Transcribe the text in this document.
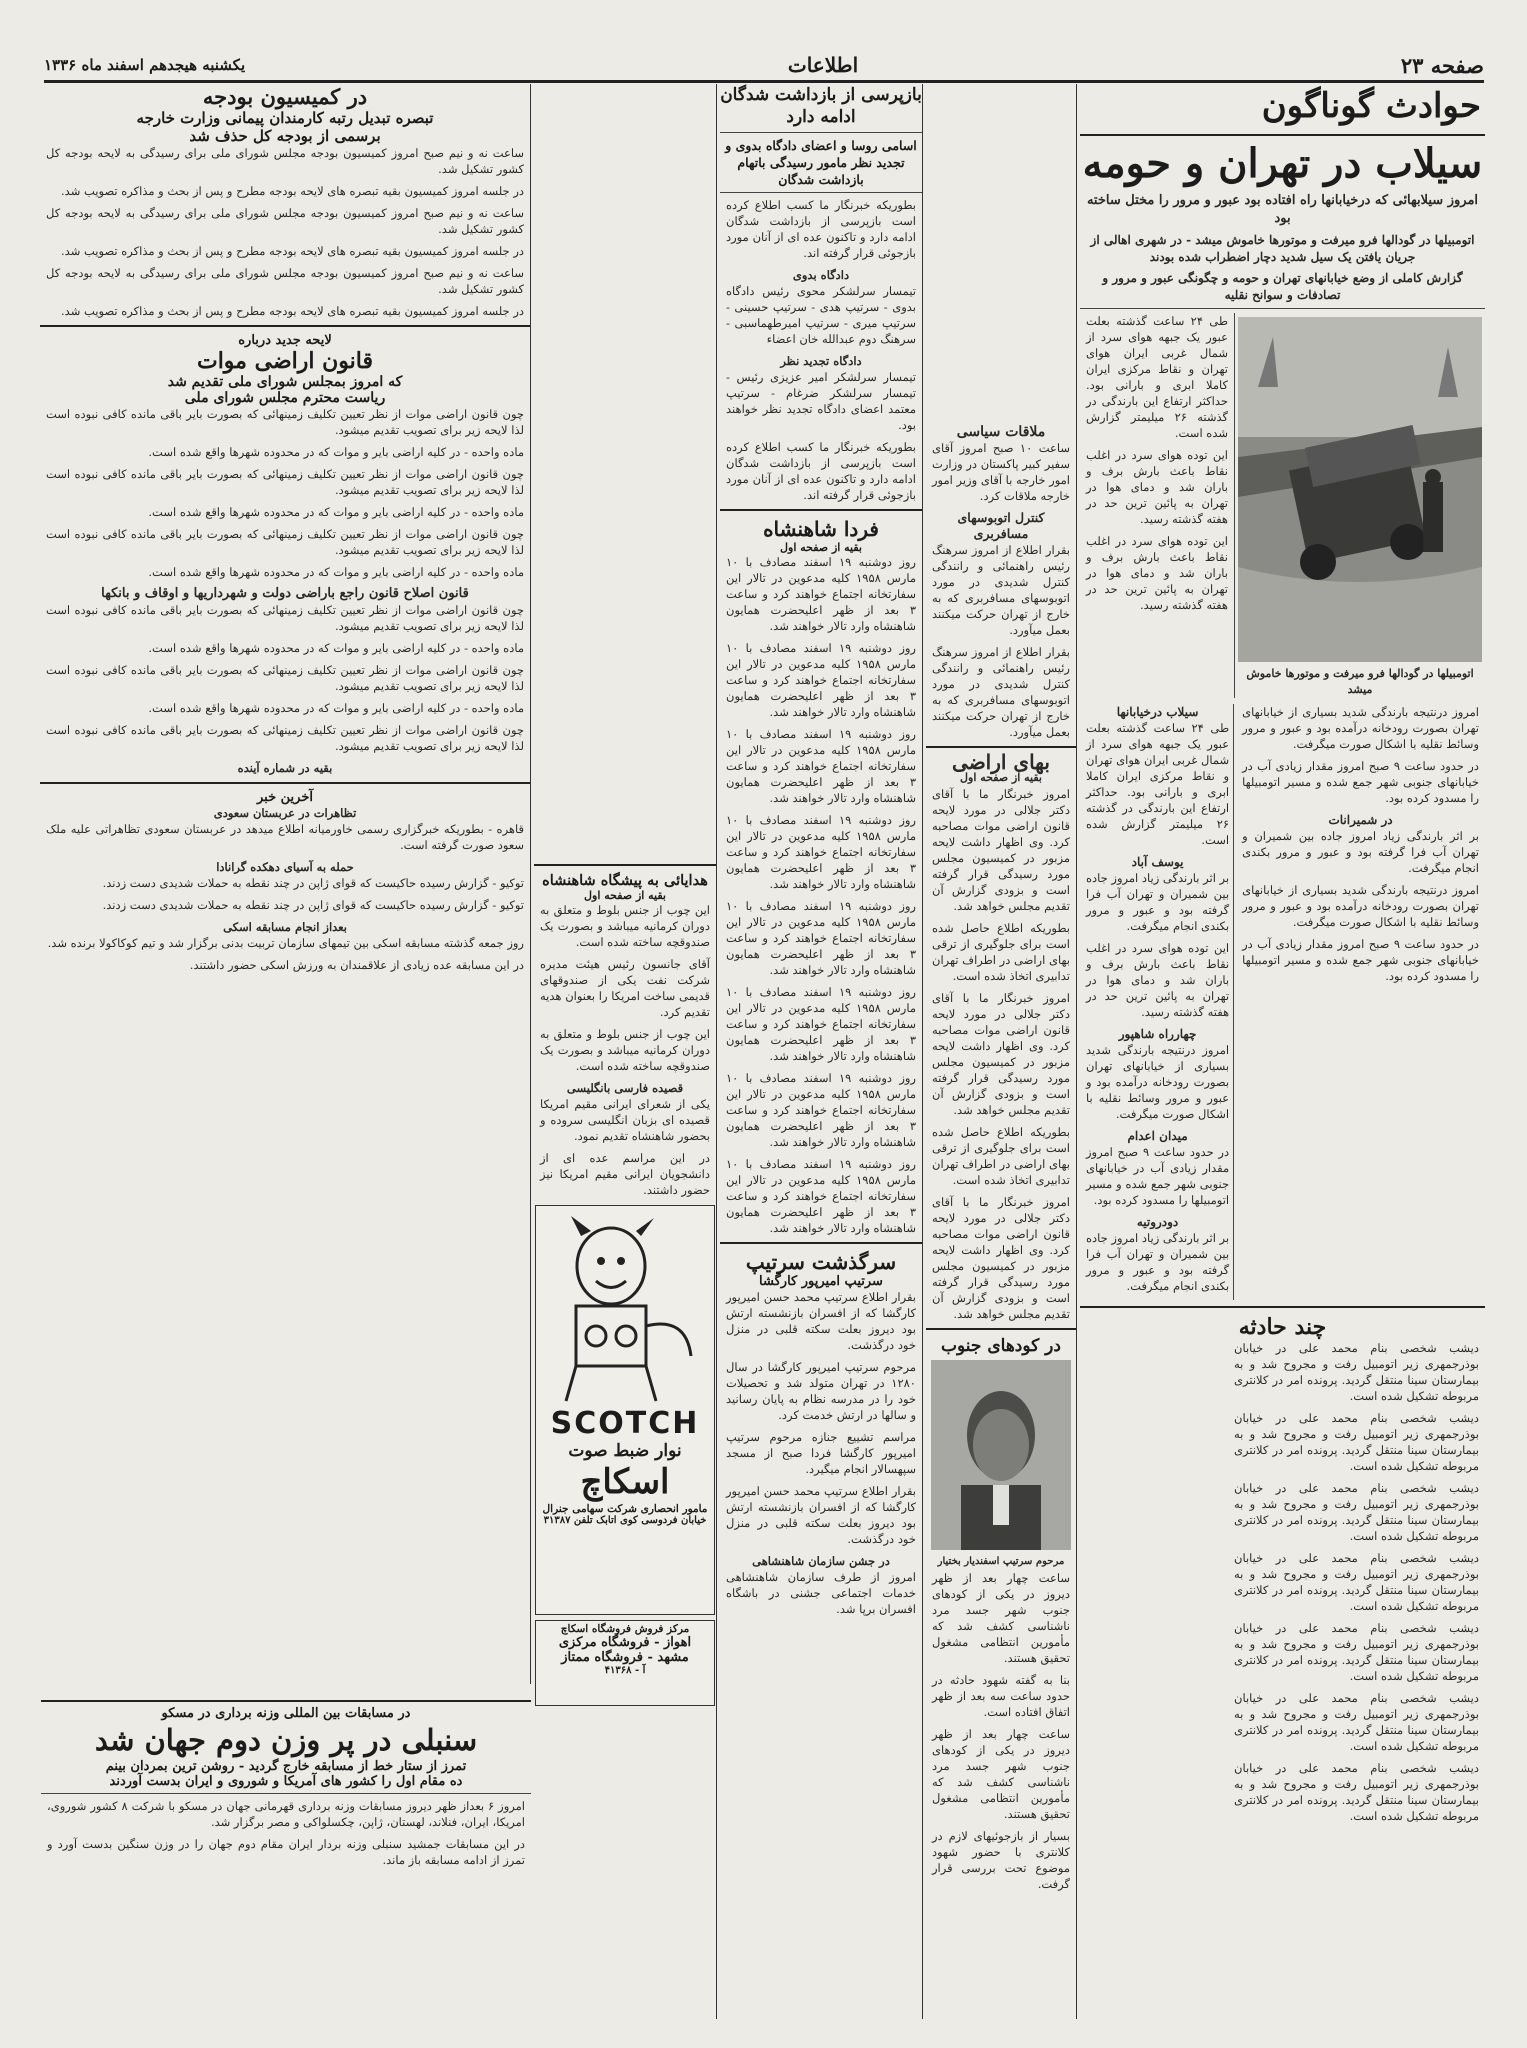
صفحه ۲۳
اطلاعات
یکشنبه هیجدهم اسفند ماه ۱۳۳۶
حوادث گوناگون
سیلاب در تهران و حومه
امروز سیلابهائی که درخیابانها راه افتاده بود عبور و مرور را مختل ساخته بود
اتومبیلها در گودالها فرو میرفت و موتورها خاموش میشد - در شهری اهالی از جریان یافتن یک سیل شدید دچار اضطراب شده بودند
گزارش کاملی از وضع خیابانهای تهران و حومه و چگونگی عبور و مرور و تصادفات و سوانح نقلیه
اتومبیلها در گودالها فرو میرفت و موتورها خاموش میشد

طی ۲۴ ساعت گذشته بعلت عبور یک جبهه هوای سرد از شمال غربی ایران هوای تهران و نقاط مرکزی ایران کاملا ابری و بارانی بود. حداکثر ارتفاع این بارندگی در گذشته ۲۶ میلیمتر گزارش شده است.

این توده هوای سرد در اغلب نقاط باعث بارش برف و باران شد و دمای هوا در تهران به پائین ترین حد در هفته گذشته رسید.

این توده هوای سرد در اغلب نقاط باعث بارش برف و باران شد و دمای هوا در تهران به پائین ترین حد در هفته گذشته رسید.

امروز درنتیجه بارندگی شدید بسیاری از خیابانهای تهران بصورت رودخانه درآمده بود و عبور و مرور وسائط نقلیه با اشکال صورت میگرفت.

در حدود ساعت ۹ صبح امروز مقدار زیادی آب در خیابانهای جنوبی شهر جمع شده و مسیر اتومبیلها را مسدود کرده بود.

در شمیرانات

بر اثر بارندگی زیاد امروز جاده بین شمیران و تهران آب فرا گرفته بود و عبور و مرور بکندی انجام میگرفت.

امروز درنتیجه بارندگی شدید بسیاری از خیابانهای تهران بصورت رودخانه درآمده بود و عبور و مرور وسائط نقلیه با اشکال صورت میگرفت.

در حدود ساعت ۹ صبح امروز مقدار زیادی آب در خیابانهای جنوبی شهر جمع شده و مسیر اتومبیلها را مسدود کرده بود.

سیلاب درخیابانها

طی ۲۴ ساعت گذشته بعلت عبور یک جبهه هوای سرد از شمال غربی ایران هوای تهران و نقاط مرکزی ایران کاملا ابری و بارانی بود. حداکثر ارتفاع این بارندگی در گذشته ۲۶ میلیمتر گزارش شده است.

یوسف آباد

بر اثر بارندگی زیاد امروز جاده بین شمیران و تهران آب فرا گرفته بود و عبور و مرور بکندی انجام میگرفت.

این توده هوای سرد در اغلب نقاط باعث بارش برف و باران شد و دمای هوا در تهران به پائین ترین حد در هفته گذشته رسید.

چهارراه شاهپور

امروز درنتیجه بارندگی شدید بسیاری از خیابانهای تهران بصورت رودخانه درآمده بود و عبور و مرور وسائط نقلیه با اشکال صورت میگرفت.

میدان اعدام

در حدود ساعت ۹ صبح امروز مقدار زیادی آب در خیابانهای جنوبی شهر جمع شده و مسیر اتومبیلها را مسدود کرده بود.

دودروتیه

بر اثر بارندگی زیاد امروز جاده بین شمیران و تهران آب فرا گرفته بود و عبور و مرور بکندی انجام میگرفت.

چند حادثه

دیشب شخصی بنام محمد علی در خیابان بوذرجمهری زیر اتومبیل رفت و مجروح شد و به بیمارستان سینا منتقل گردید. پرونده امر در کلانتری مربوطه تشکیل شده است.

دیشب شخصی بنام محمد علی در خیابان بوذرجمهری زیر اتومبیل رفت و مجروح شد و به بیمارستان سینا منتقل گردید. پرونده امر در کلانتری مربوطه تشکیل شده است.

دیشب شخصی بنام محمد علی در خیابان بوذرجمهری زیر اتومبیل رفت و مجروح شد و به بیمارستان سینا منتقل گردید. پرونده امر در کلانتری مربوطه تشکیل شده است.

دیشب شخصی بنام محمد علی در خیابان بوذرجمهری زیر اتومبیل رفت و مجروح شد و به بیمارستان سینا منتقل گردید. پرونده امر در کلانتری مربوطه تشکیل شده است.

دیشب شخصی بنام محمد علی در خیابان بوذرجمهری زیر اتومبیل رفت و مجروح شد و به بیمارستان سینا منتقل گردید. پرونده امر در کلانتری مربوطه تشکیل شده است.

دیشب شخصی بنام محمد علی در خیابان بوذرجمهری زیر اتومبیل رفت و مجروح شد و به بیمارستان سینا منتقل گردید. پرونده امر در کلانتری مربوطه تشکیل شده است.

دیشب شخصی بنام محمد علی در خیابان بوذرجمهری زیر اتومبیل رفت و مجروح شد و به بیمارستان سینا منتقل گردید. پرونده امر در کلانتری مربوطه تشکیل شده است.

ملاقات سیاسی

ساعت ۱۰ صبح امروز آقای سفیر کبیر پاکستان در وزارت امور خارجه با آقای وزیر امور خارجه ملاقات کرد.

کنترل اتوبوسهای مسافربری

بقرار اطلاع از امروز سرهنگ رئیس راهنمائی و رانندگی کنترل شدیدی در مورد اتوبوسهای مسافربری که به خارج از تهران حرکت میکنند بعمل میآورد.

بقرار اطلاع از امروز سرهنگ رئیس راهنمائی و رانندگی کنترل شدیدی در مورد اتوبوسهای مسافربری که به خارج از تهران حرکت میکنند بعمل میآورد.

بهای اراضی
بقیه از صفحه اول

امروز خبرنگار ما با آقای دکتر جلالی در مورد لایحه قانون اراضی موات مصاحبه کرد. وی اظهار داشت لایحه مزبور در کمیسیون مجلس مورد رسیدگی قرار گرفته است و بزودی گزارش آن تقدیم مجلس خواهد شد.

بطوریکه اطلاع حاصل شده است برای جلوگیری از ترقی بهای اراضی در اطراف تهران تدابیری اتخاذ شده است.

امروز خبرنگار ما با آقای دکتر جلالی در مورد لایحه قانون اراضی موات مصاحبه کرد. وی اظهار داشت لایحه مزبور در کمیسیون مجلس مورد رسیدگی قرار گرفته است و بزودی گزارش آن تقدیم مجلس خواهد شد.

بطوریکه اطلاع حاصل شده است برای جلوگیری از ترقی بهای اراضی در اطراف تهران تدابیری اتخاذ شده است.

امروز خبرنگار ما با آقای دکتر جلالی در مورد لایحه قانون اراضی موات مصاحبه کرد. وی اظهار داشت لایحه مزبور در کمیسیون مجلس مورد رسیدگی قرار گرفته است و بزودی گزارش آن تقدیم مجلس خواهد شد.

در کودهای جنوب
مرحوم سرتیپ اسفندیار بختیار

ساعت چهار بعد از ظهر دیروز در یکی از کودهای جنوب شهر جسد مرد ناشناسی کشف شد که مأمورین انتظامی مشغول تحقیق هستند.

بنا به گفته شهود حادثه در حدود ساعت سه بعد از ظهر اتفاق افتاده است.

ساعت چهار بعد از ظهر دیروز در یکی از کودهای جنوب شهر جسد مرد ناشناسی کشف شد که مأمورین انتظامی مشغول تحقیق هستند.

بسیار از بازجوئیهای لازم در کلانتری با حضور شهود موضوع تحت بررسی قرار گرفت.

بازپرسی از بازداشت شدگان ادامه دارد
اسامی روسا و اعضای دادگاه بدوی و تجدید نظر مامور رسیدگی باتهام بازداشت شدگان

بطوریکه خبرنگار ما کسب اطلاع کرده است بازپرسی از بازداشت شدگان ادامه دارد و تاکنون عده ای از آنان مورد بازجوئی قرار گرفته اند.

دادگاه بدوی

تیمسار سرلشکر محوی رئیس دادگاه بدوی - سرتیپ هدی - سرتیپ حسینی - سرتیپ میری - سرتیپ امیرطهماسبی - سرهنگ دوم عبدالله خان اعضاء

دادگاه تجدید نظر

تیمسار سرلشکر امیر عزیزی رئیس - تیمسار سرلشکر ضرغام - سرتیپ معتمد اعضای دادگاه تجدید نظر خواهند بود.

بطوریکه خبرنگار ما کسب اطلاع کرده است بازپرسی از بازداشت شدگان ادامه دارد و تاکنون عده ای از آنان مورد بازجوئی قرار گرفته اند.

فردا شاهنشاه
بقیه از صفحه اول

روز دوشنبه ۱۹ اسفند مصادف با ۱۰ مارس ۱۹۵۸ کلیه مدعوین در تالار این سفارتخانه اجتماع خواهند کرد و ساعت ۳ بعد از ظهر اعلیحضرت همایون شاهنشاه وارد تالار خواهند شد.

روز دوشنبه ۱۹ اسفند مصادف با ۱۰ مارس ۱۹۵۸ کلیه مدعوین در تالار این سفارتخانه اجتماع خواهند کرد و ساعت ۳ بعد از ظهر اعلیحضرت همایون شاهنشاه وارد تالار خواهند شد.

روز دوشنبه ۱۹ اسفند مصادف با ۱۰ مارس ۱۹۵۸ کلیه مدعوین در تالار این سفارتخانه اجتماع خواهند کرد و ساعت ۳ بعد از ظهر اعلیحضرت همایون شاهنشاه وارد تالار خواهند شد.

روز دوشنبه ۱۹ اسفند مصادف با ۱۰ مارس ۱۹۵۸ کلیه مدعوین در تالار این سفارتخانه اجتماع خواهند کرد و ساعت ۳ بعد از ظهر اعلیحضرت همایون شاهنشاه وارد تالار خواهند شد.

روز دوشنبه ۱۹ اسفند مصادف با ۱۰ مارس ۱۹۵۸ کلیه مدعوین در تالار این سفارتخانه اجتماع خواهند کرد و ساعت ۳ بعد از ظهر اعلیحضرت همایون شاهنشاه وارد تالار خواهند شد.

روز دوشنبه ۱۹ اسفند مصادف با ۱۰ مارس ۱۹۵۸ کلیه مدعوین در تالار این سفارتخانه اجتماع خواهند کرد و ساعت ۳ بعد از ظهر اعلیحضرت همایون شاهنشاه وارد تالار خواهند شد.

روز دوشنبه ۱۹ اسفند مصادف با ۱۰ مارس ۱۹۵۸ کلیه مدعوین در تالار این سفارتخانه اجتماع خواهند کرد و ساعت ۳ بعد از ظهر اعلیحضرت همایون شاهنشاه وارد تالار خواهند شد.

روز دوشنبه ۱۹ اسفند مصادف با ۱۰ مارس ۱۹۵۸ کلیه مدعوین در تالار این سفارتخانه اجتماع خواهند کرد و ساعت ۳ بعد از ظهر اعلیحضرت همایون شاهنشاه وارد تالار خواهند شد.

سرگذشت سرتیپ
سرتیپ امیرپور کارگشا

بقرار اطلاع سرتیپ محمد حسن امیرپور کارگشا که از افسران بازنشسته ارتش بود دیروز بعلت سکته قلبی در منزل خود درگذشت.

مرحوم سرتیپ امیرپور کارگشا در سال ۱۲۸۰ در تهران متولد شد و تحصیلات خود را در مدرسه نظام به پایان رسانید و سالها در ارتش خدمت کرد.

مراسم تشییع جنازه مرحوم سرتیپ امیرپور کارگشا فردا صبح از مسجد سپهسالار انجام میگیرد.

بقرار اطلاع سرتیپ محمد حسن امیرپور کارگشا که از افسران بازنشسته ارتش بود دیروز بعلت سکته قلبی در منزل خود درگذشت.

در جشن سازمان شاهنشاهی

امروز از طرف سازمان شاهنشاهی خدمات اجتماعی جشنی در باشگاه افسران برپا شد.

هدایائی به پیشگاه شاهنشاه
بقیه از صفحه اول

این چوب از جنس بلوط و متعلق به دوران کرمانیه میباشد و بصورت یک صندوقچه ساخته شده است.

آقای جانسون رئیس هیئت مدیره شرکت نفت یکی از صندوقهای قدیمی ساخت امریکا را بعنوان هدیه تقدیم کرد.

این چوب از جنس بلوط و متعلق به دوران کرمانیه میباشد و بصورت یک صندوقچه ساخته شده است.

قصیده فارسی بانگلیسی

یکی از شعرای ایرانی مقیم امریکا قصیده ای بزبان انگلیسی سروده و بحضور شاهنشاه تقدیم نمود.

در این مراسم عده ای از دانشجویان ایرانی مقیم امریکا نیز حضور داشتند.

SCOTCH
نوار ضبط صوت
اسکاچ
مامور انحصاری شرکت سهامی جنرال
خیابان فردوسی کوی اتابک تلفن ۳۱۳۸۷
مرکز فروش فروشگاه اسکاچ
اهواز - فروشگاه مرکزی
مشهد - فروشگاه ممتاز
آ - ۴۱۳۶۸
در کمیسیون بودجه
تبصره تبدیل رتبه کارمندان پیمانی وزارت خارجه
برسمی از بودجه کل حذف شد

ساعت نه و نیم صبح امروز کمیسیون بودجه مجلس شورای ملی برای رسیدگی به لایحه بودجه کل کشور تشکیل شد.

در جلسه امروز کمیسیون بقیه تبصره های لایحه بودجه مطرح و پس از بحث و مذاکره تصویب شد.

ساعت نه و نیم صبح امروز کمیسیون بودجه مجلس شورای ملی برای رسیدگی به لایحه بودجه کل کشور تشکیل شد.

در جلسه امروز کمیسیون بقیه تبصره های لایحه بودجه مطرح و پس از بحث و مذاکره تصویب شد.

ساعت نه و نیم صبح امروز کمیسیون بودجه مجلس شورای ملی برای رسیدگی به لایحه بودجه کل کشور تشکیل شد.

در جلسه امروز کمیسیون بقیه تبصره های لایحه بودجه مطرح و پس از بحث و مذاکره تصویب شد.

لایحه جدید درباره
قانون اراضی موات
که امروز بمجلس شورای ملی تقدیم شد
ریاست محترم مجلس شورای ملی

چون قانون اراضی موات از نظر تعیین تکلیف زمینهائی که بصورت بایر باقی مانده کافی نبوده است لذا لایحه زیر برای تصویب تقدیم میشود.

ماده واحده - در کلیه اراضی بایر و موات که در محدوده شهرها واقع شده است.

چون قانون اراضی موات از نظر تعیین تکلیف زمینهائی که بصورت بایر باقی مانده کافی نبوده است لذا لایحه زیر برای تصویب تقدیم میشود.

ماده واحده - در کلیه اراضی بایر و موات که در محدوده شهرها واقع شده است.

چون قانون اراضی موات از نظر تعیین تکلیف زمینهائی که بصورت بایر باقی مانده کافی نبوده است لذا لایحه زیر برای تصویب تقدیم میشود.

ماده واحده - در کلیه اراضی بایر و موات که در محدوده شهرها واقع شده است.

قانون اصلاح قانون راجع باراضی دولت و شهرداریها و اوقاف و بانکها

چون قانون اراضی موات از نظر تعیین تکلیف زمینهائی که بصورت بایر باقی مانده کافی نبوده است لذا لایحه زیر برای تصویب تقدیم میشود.

ماده واحده - در کلیه اراضی بایر و موات که در محدوده شهرها واقع شده است.

چون قانون اراضی موات از نظر تعیین تکلیف زمینهائی که بصورت بایر باقی مانده کافی نبوده است لذا لایحه زیر برای تصویب تقدیم میشود.

ماده واحده - در کلیه اراضی بایر و موات که در محدوده شهرها واقع شده است.

چون قانون اراضی موات از نظر تعیین تکلیف زمینهائی که بصورت بایر باقی مانده کافی نبوده است لذا لایحه زیر برای تصویب تقدیم میشود.

بقیه در شماره آینده
آخرین خبر
تظاهرات در عربستان سعودی

قاهره - بطوریکه خبرگزاری رسمی خاورمیانه اطلاع میدهد در عربستان سعودی تظاهراتی علیه ملک سعود صورت گرفته است.

حمله به آسیای دهکده گرانادا

توکیو - گزارش رسیده حاکیست که قوای ژاپن در چند نقطه به حملات شدیدی دست زدند.

توکیو - گزارش رسیده حاکیست که قوای ژاپن در چند نقطه به حملات شدیدی دست زدند.

بعداز انجام مسابقه اسکی

روز جمعه گذشته مسابقه اسکی بین تیمهای سازمان تربیت بدنی برگزار شد و تیم کوکاکولا برنده شد.

در این مسابقه عده زیادی از علاقمندان به ورزش اسکی حضور داشتند.

در مسابقات بین المللی وزنه برداری در مسکو
سنبلی در پر وزن دوم جهان شد
تمرز از ستار خط از مسابقه خارج گردید - روشن ترین بمردان بینم
ده مقام اول را کشور های آمریکا و شوروی و ایران بدست آوردند

امروز ۶ بعداز ظهر دیروز مسابقات وزنه برداری قهرمانی جهان در مسکو با شرکت ۸ کشور شوروی، امریکا، ایران، فنلاند، لهستان، ژاپن، چکسلواکی و مصر برگزار شد.

در این مسابقات جمشید سنبلی وزنه بردار ایران مقام دوم جهان را در وزن سنگین بدست آورد و تمرز از ادامه مسابقه باز ماند.
